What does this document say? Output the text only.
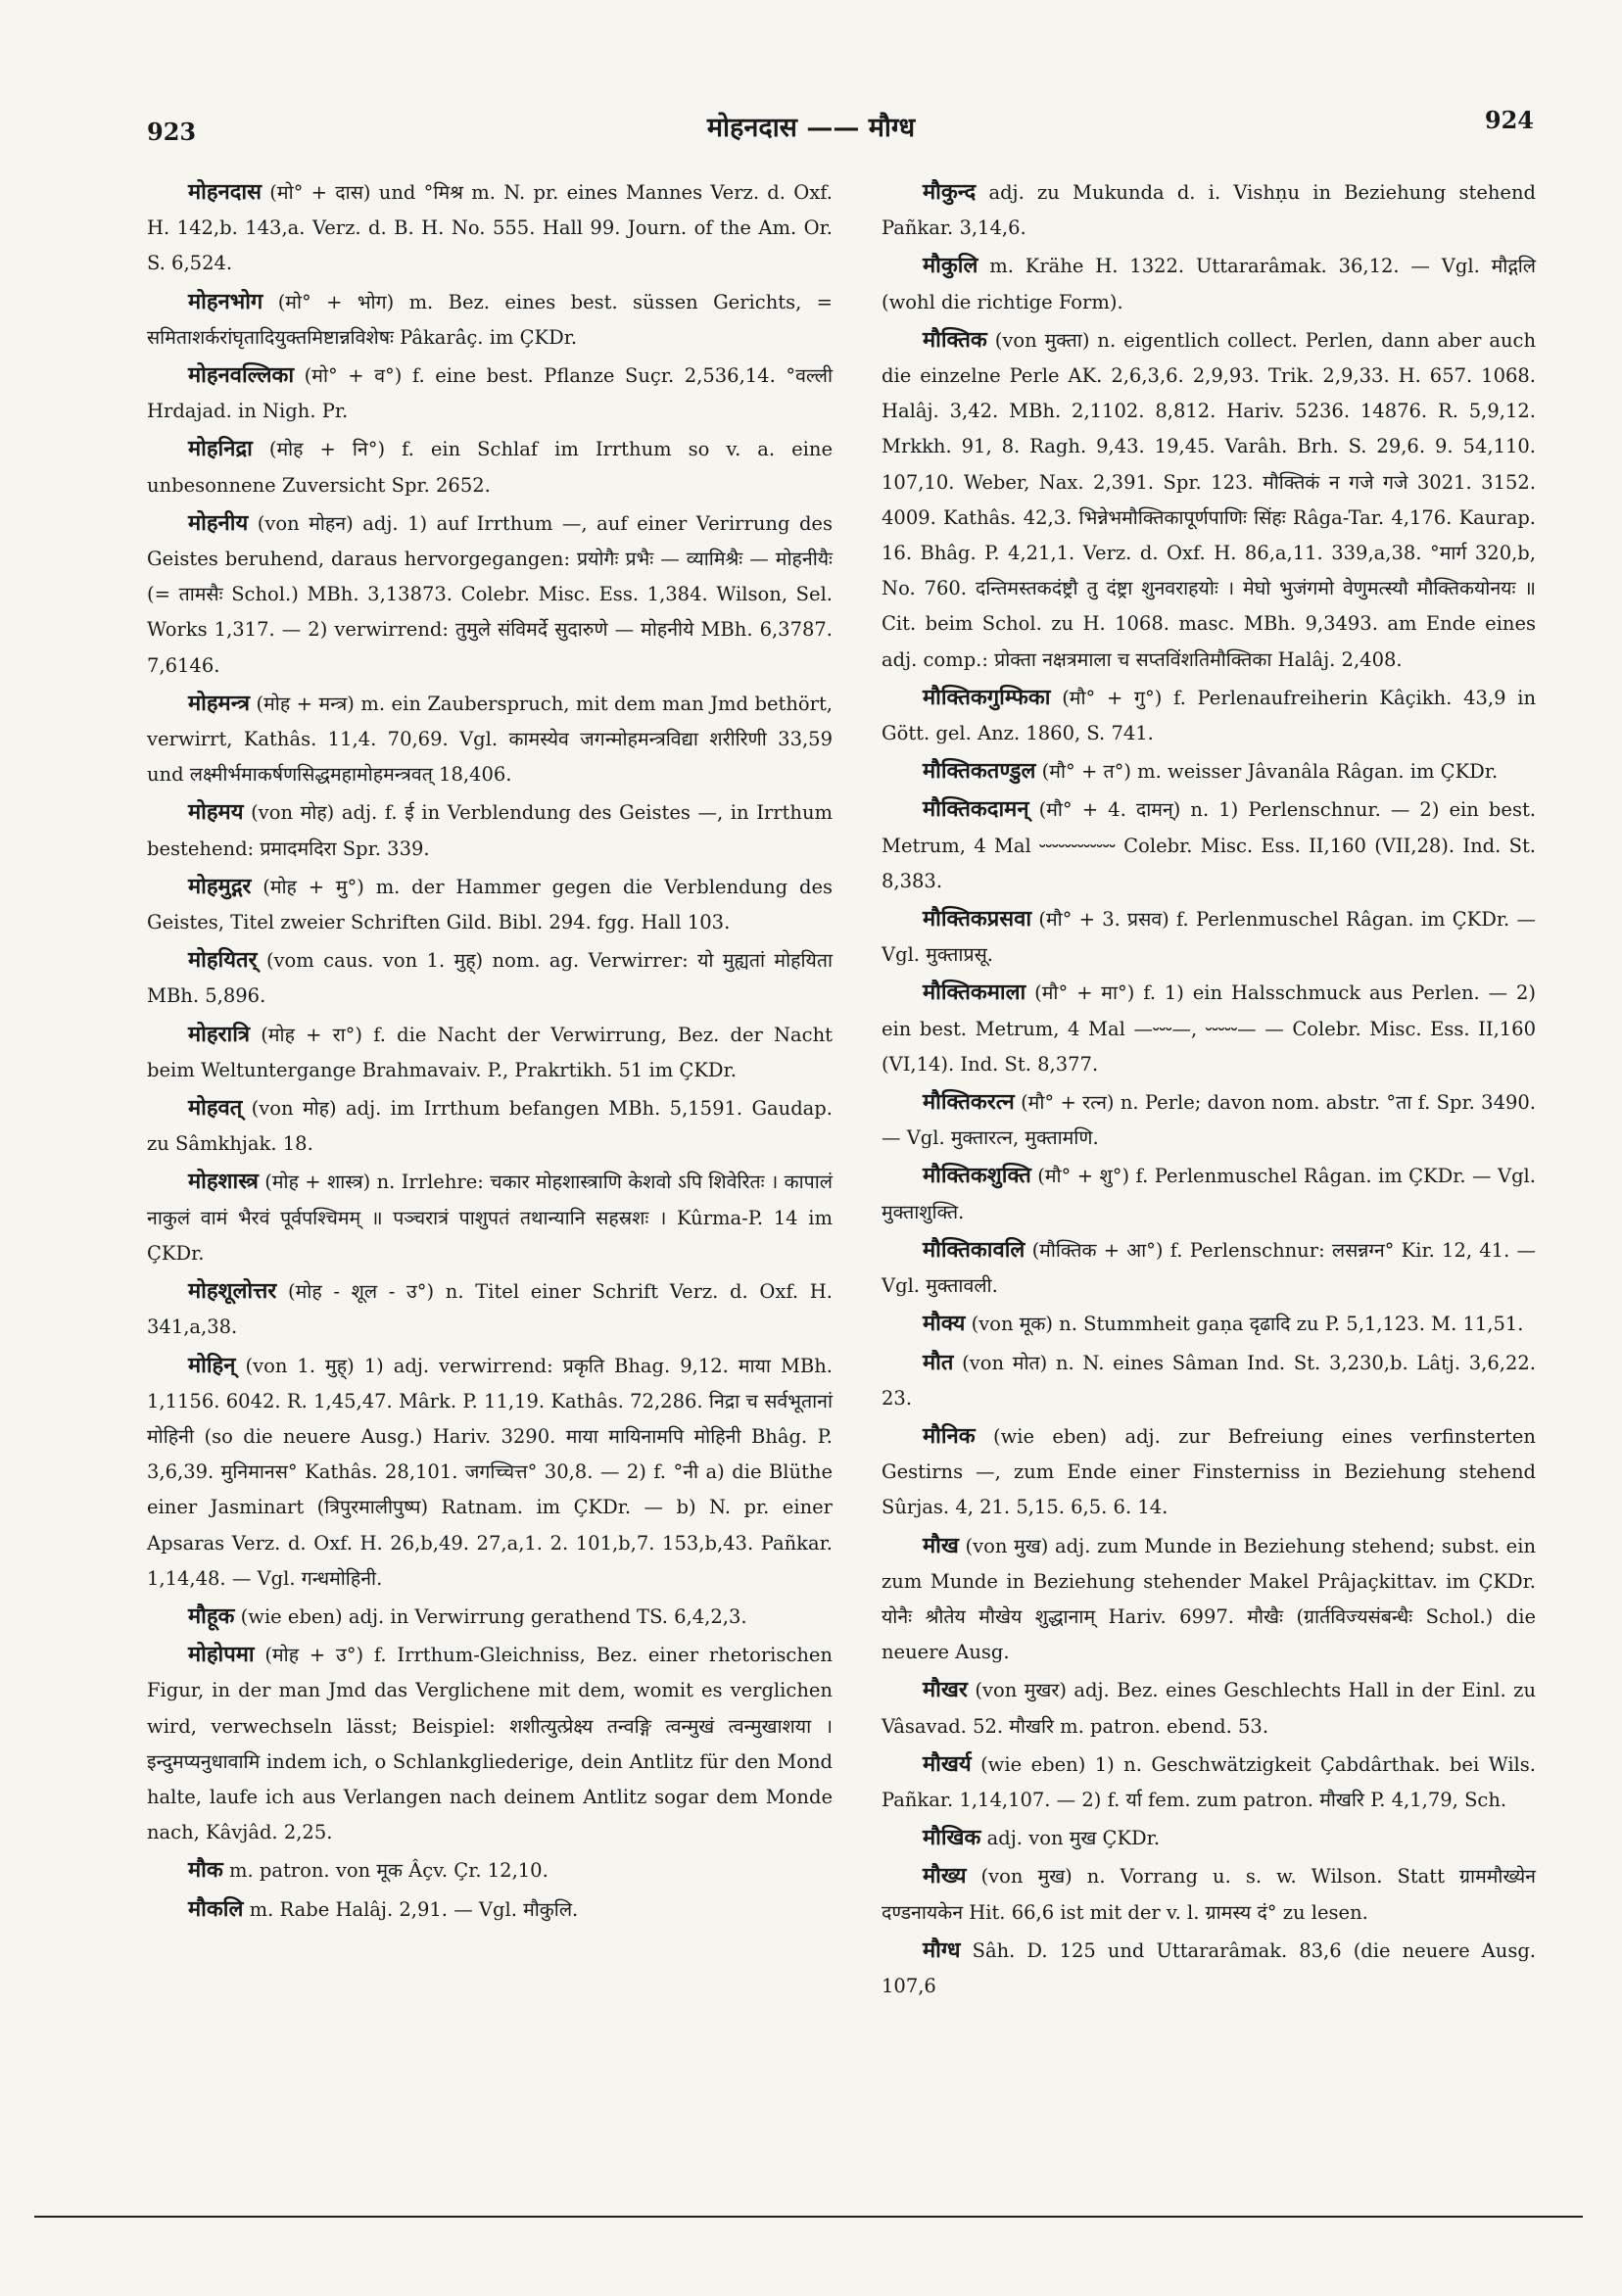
923	मोहनदास —— मौग्ध	924

मोहनदास (मो° + दास) und °मिश्र m. N. pr. eines Mannes Verz. d. Oxf. H. 142,b. 143,a. Verz. d. B. H. No. 555. Hall 99. Journ. of the Am. Or. S. 6,524.

मोहनभोग (मो° + भोग) m. Bez. eines best. süssen Gerichts, = समिताशर्करांघृतादियुक्तमिष्टान्नविशेषः Pâkarâ̇ç. im ÇKDr.

मोहनवल्लिका (मो° + व°) f. eine best. Pflanze Suçr. 2,536,14. °वल्ली Hrdajad. in Nigh. Pr.

मोहनिद्रा (मोह + नि°) f. ein Schlaf im Irrthum so v. a. eine unbesonnene Zuversicht Spr. 2652.

मोहनीय (von मोहन) adj. 1) auf Irrthum —, auf einer Verirrung des Geistes beruhend, daraus hervorgegangen: प्रयोगैः प्रभैः — व्यामिश्रैः — मोहनीयैः (= तामसैः Schol.) MBh. 3,13873. Colebr. Misc. Ess. 1,384. Wilson, Sel. Works 1,317. — 2) verwirrend: तुमुले संविमर्दे सुदारुणे — मोहनीये MBh. 6,3787. 7,6146.

मोहमन्त्र (मोह + मन्त्र) m. ein Zauberspruch, mit dem man Jmd bethört, verwirrt, Kathâs. 11,4. 70,69. Vgl. कामस्येव जगन्मोहमन्त्रविद्या शरीरिणी 33,59 und लक्ष्मीर्भमाकर्षणसिद्धमहामोहमन्त्रवत् 18,406.

मोहमय (von मोह) adj. f. ई in Verblendung des Geistes —, in Irrthum bestehend: प्रमादमदिरा Spr. 339.

मोहमुद्गर (मोह + मु°) m. der Hammer gegen die Verblendung des Geistes, Titel zweier Schriften Gild. Bibl. 294. fgg. Hall 103.

मोहयितर् (vom caus. von 1. मुह्) nom. ag. Verwirrer: यो मुह्यतां मोहयिता MBh. 5,896.

मोहरात्रि (मोह + रा°) f. die Nacht der Verwirrung, Bez. der Nacht beim Weltuntergange Brahmavaiv. P., Prakrtikh. 51 im ÇKDr.

मोहवत् (von मोह) adj. im Irrthum befangen MBh. 5,1591. Gaudap. zu Sâmkhjak. 18.

मोहशास्त्र (मोह + शास्त्र) n. Irrlehre: चकार मोहशास्त्राणि केशवो ऽपि शिवेरितः । कापालं नाकुलं वामं भैरवं पूर्वपश्चिमम् ॥ पञ्चरात्रं पाशुपतं तथान्यानि सहस्रशः । Kûrma-P. 14 im ÇKDr.

मोहशूलोत्तर (मोह - शूल - उ°) n. Titel einer Schrift Verz. d. Oxf. H. 341,a,38.

मोहिन् (von 1. मुह्) 1) adj. verwirrend: प्रकृति Bhag. 9,12. माया MBh. 1,1156. 6042. R. 1,45,47. Mârk. P. 11,19. Kathâs. 72,286. निद्रा च सर्वभूतानां मोहिनी (so die neuere Ausg.) Hariv. 3290. माया मायिनामपि मोहिनी Bhâg. P. 3,6,39. मुनिमानस° Kathâs. 28,101. जगच्चित्त° 30,8. — 2) f. °नी a) die Blüthe einer Jasminart (त्रिपुरमालीपुष्प) Ratnam. im ÇKDr. — b) N. pr. einer Apsaras Verz. d. Oxf. H. 26,b,49. 27,a,1. 2. 101,b,7. 153,b,43. Pañkar. 1,14,48. — Vgl. गन्धमोहिनी.

मौहूक (wie eben) adj. in Verwirrung gerathend TS. 6,4,2,3.

मोहोपमा (मोह + उ°) f. Irrthum-Gleichniss, Bez. einer rhetorischen Figur, in der man Jmd das Verglichene mit dem, womit es verglichen wird, verwechseln lässt; Beispiel: शशीत्युत्प्रेक्ष्य तन्वङ्गि त्वन्मुखं त्वन्मुखाशया । इन्दुमप्यनुधावामि indem ich, o Schlankgliederige, dein Antlitz für den Mond halte, laufe ich aus Verlangen nach deinem Antlitz sogar dem Monde nach, Kâvjâd. 2,25.

मौक m. patron. von मूक Âçv. Çr. 12,10.

मौकलि m. Rabe Halâj. 2,91. — Vgl. मौकुलि.

मौकुन्द adj. zu Mukunda d. i. Vishṇu in Beziehung stehend Pañkar. 3,14,6.

मौकुलि m. Krähe H. 1322. Uttararâmak. 36,12. — Vgl. मौद्गलि (wohl die richtige Form).

मौक्तिक (von मुक्ता) n. eigentlich collect. Perlen, dann aber auch die einzelne Perle AK. 2,6,3,6. 2,9,93. Trik. 2,9,33. H. 657. 1068. Halâj. 3,42. MBh. 2,1102. 8,812. Hariv. 5236. 14876. R. 5,9,12. Mrkkh. 91, 8. Ragh. 9,43. 19,45. Varâh. Brh. S. 29,6. 9. 54,110. 107,10. Weber, Nax. 2,391. Spr. 123. मौक्तिकं न गजे गजे 3021. 3152. 4009. Kathâs. 42,3. भिन्नेभमौक्तिकापूर्णपाणिः सिंहः Râga-Tar. 4,176. Kaurap. 16. Bhâg. P. 4,21,1. Verz. d. Oxf. H. 86,a,11. 339,a,38. °मार्ग 320,b, No. 760. दन्तिमस्तकदंष्ट्रौ तु दंष्ट्रा शुनवराहयोः । मेघो भुजंगमो वेणुमत्स्यौ मौक्तिकयोनयः ॥ Cit. beim Schol. zu H. 1068. masc. MBh. 9,3493. am Ende eines adj. comp.: प्रोक्ता नक्षत्रमाला च सप्तविंशतिमौक्तिका Halâj. 2,408.

मौक्तिकगुम्फिका (मौ° + गु°) f. Perlenaufreiherin Kâçikh. 43,9 in Gött. gel. Anz. 1860, S. 741.

मौक्तिकतण्डुल (मौ° + त°) m. weisser Jâvanâla Râgan. im ÇKDr.

मौक्तिकदामन् (मौ° + 4. दामन्) n. 1) Perlenschnur. — 2) ein best. Metrum, 4 Mal ⏑⏑⏑⏑⏑⏑⏑⏑⏑⏑⏑⏑ Colebr. Misc. Ess. II,160 (VII,28). Ind. St. 8,383.

मौक्तिकप्रसवा (मौ° + 3. प्रसव) f. Perlenmuschel Râgan. im ÇKDr. — Vgl. मुक्ताप्रसू.

मौक्तिकमाला (मौ° + मा°) f. 1) ein Halsschmuck aus Perlen. — 2) ein best. Metrum, 4 Mal —⏑⏑⏑—, ⏑⏑⏑⏑⏑— — Colebr. Misc. Ess. II,160 (VI,14). Ind. St. 8,377.

मौक्तिकरत्न (मौ° + रत्न) n. Perle; davon nom. abstr. °ता f. Spr. 3490. — Vgl. मुक्तारत्न, मुक्तामणि.

मौक्तिकशुक्ति (मौ° + शु°) f. Perlenmuschel Râgan. im ÇKDr. — Vgl. मुक्ताशुक्ति.

मौक्तिकावलि (मौक्तिक + आ°) f. Perlenschnur: लसन्नग्न° Kir. 12, 41. — Vgl. मुक्तावली.

मौक्य (von मूक) n. Stummheit gaṇa दृढादि zu P. 5,1,123. M. 11,51.

मौत (von मोत) n. N. eines Sâman Ind. St. 3,230,b. Lâtj. 3,6,22. 23.

मौनिक (wie eben) adj. zur Befreiung eines verfinsterten Gestirns —, zum Ende einer Finsterniss in Beziehung stehend Sûrjas. 4, 21. 5,15. 6,5. 6. 14.

मौख (von मुख) adj. zum Munde in Beziehung stehend; subst. ein zum Munde in Beziehung stehender Makel Prâjaçkittav. im ÇKDr. योनैः श्रौतेय मौखेय शुद्धानाम् Hariv. 6997. मौखैः (ग्रार्तविज्यसंबन्धैः Schol.) die neuere Ausg.

मौखर (von मुखर) adj. Bez. eines Geschlechts Hall in der Einl. zu Vâsavad. 52. मौखरि m. patron. ebend. 53.

मौखर्य (wie eben) 1) n. Geschwätzigkeit Çabdârthak. bei Wils. Pañkar. 1,14,107. — 2) f. र्या fem. zum patron. मौखरि P. 4,1,79, Sch.

मौखिक adj. von मुख ÇKDr.

मौख्य (von मुख) n. Vorrang u. s. w. Wilson. Statt ग्राममौख्येन दण्डनायकेन Hit. 66,6 ist mit der v. l. ग्रामस्य दं° zu lesen.

मौग्ध Sâh. D. 125 und Uttararâmak. 83,6 (die neuere Ausg. 107,6
